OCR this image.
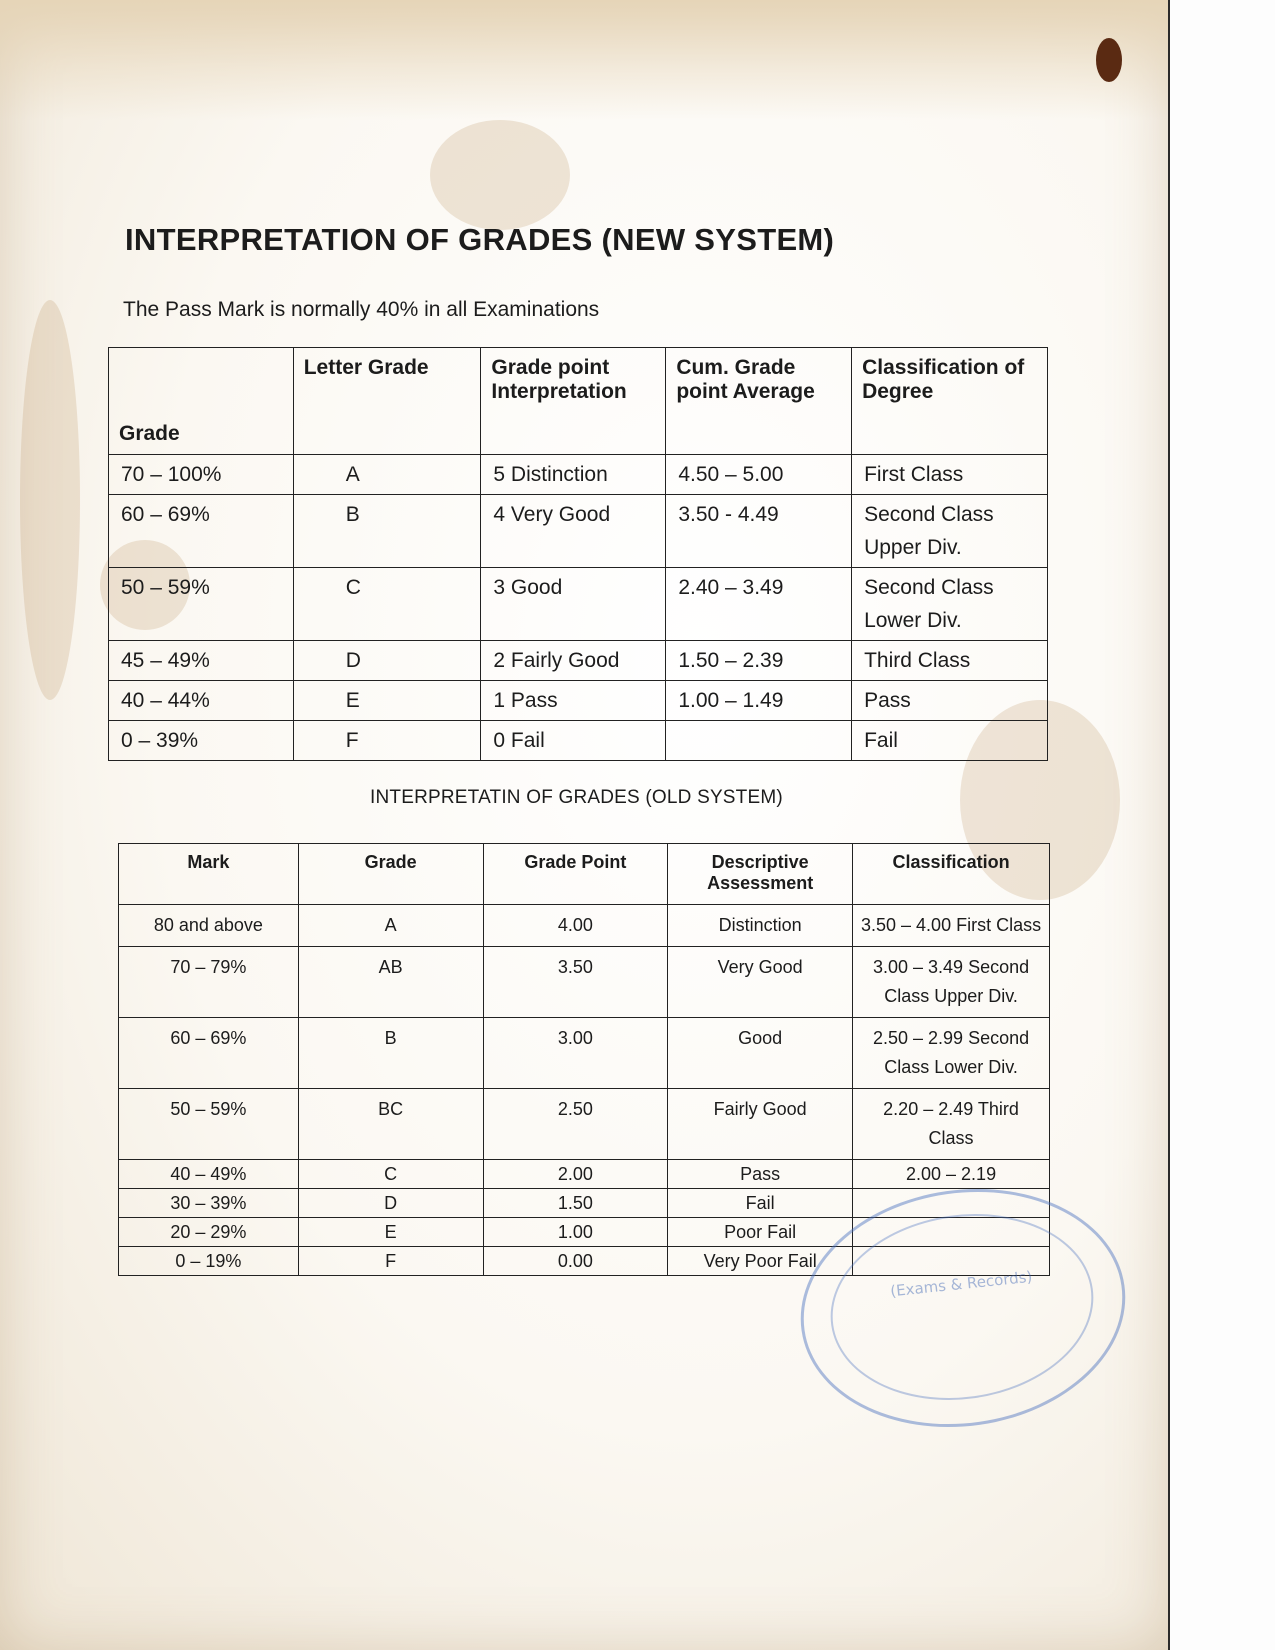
INTERPRETATION OF GRADES (NEW SYSTEM)
The Pass Mark is normally 40% in all Examinations
Grade	Letter Grade	Grade point Interpretation	Cum. Grade point Average	Classification of Degree
70 – 100%	A	5 Distinction	4.50 – 5.00	First Class
60 – 69%	B	4 Very Good	3.50 - 4.49	Second Class Upper Div.
50 – 59%	C	3 Good	2.40 – 3.49	Second Class Lower Div.
45 – 49%	D	2 Fairly Good	1.50 – 2.39	Third Class
40 – 44%	E	1 Pass	1.00 – 1.49	Pass
0 – 39%	F	0 Fail		Fail
INTERPRETATIN OF GRADES (OLD SYSTEM)
Mark	Grade	Grade Point	Descriptive Assessment	Classification
80 and above	A	4.00	Distinction	3.50 – 4.00 First Class
70 – 79%	AB	3.50	Very Good	3.00 – 3.49 Second Class Upper Div.
60 – 69%	B	3.00	Good	2.50 – 2.99 Second Class Lower Div.
50 – 59%	BC	2.50	Fairly Good	2.20 – 2.49 Third Class
40 – 49%	C	2.00	Pass	2.00 – 2.19
30 – 39%	D	1.50	Fail	
20 – 29%	E	1.00	Poor Fail	
0 – 19%	F	0.00	Very Poor Fail	
(Exams & Records)
